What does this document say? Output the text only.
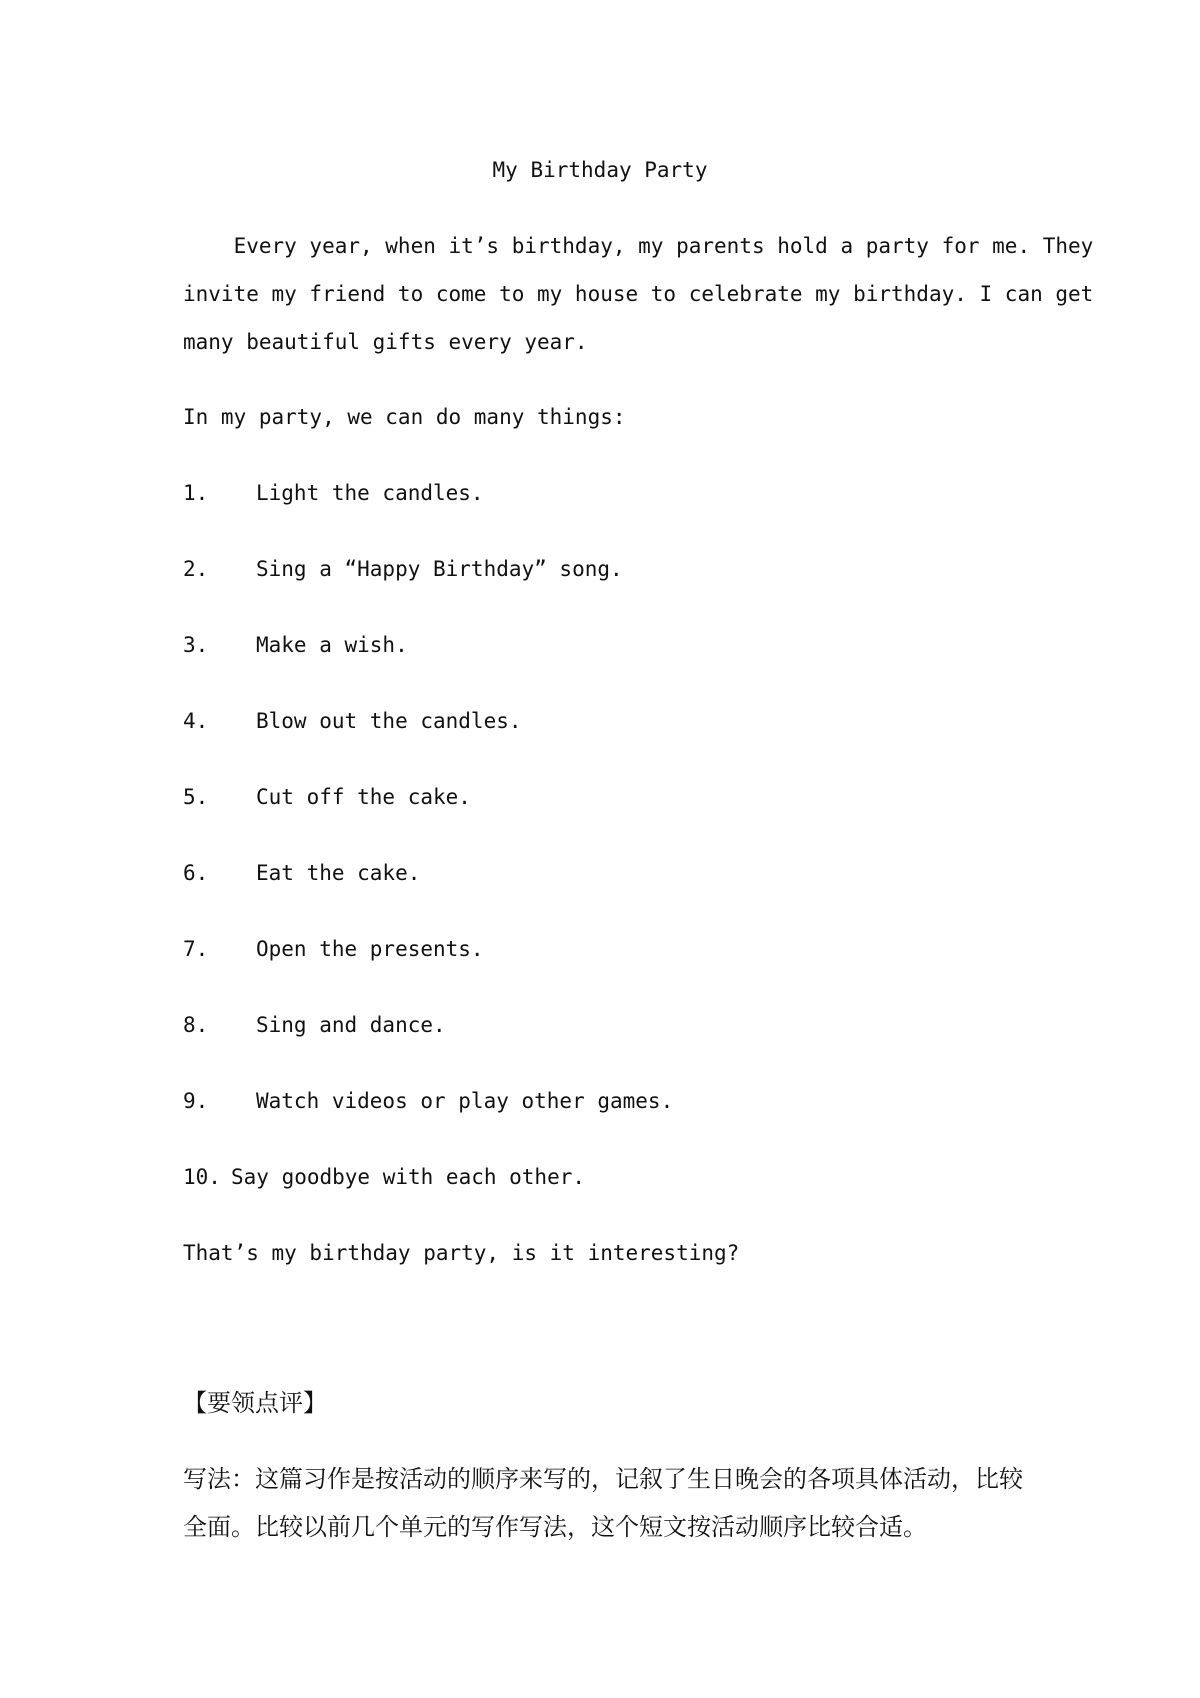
My Birthday Party

Every year, when it’s birthday, my parents hold a party for me. They

invite my friend to come to my house to celebrate my birthday. I can get

many beautiful gifts every year.

In my party, we can do many things:

1.

Light the candles.

2.

Sing a “Happy Birthday” song.

3.

Make a wish.

4.

Blow out the candles.

5.

Cut off the cake.

6.

Eat the cake.

7.

Open the presents.

8.

Sing and dance.

9.

Watch videos or play other games.

10.

Say goodbye with each other.

That’s my birthday party, is it interesting?

【要领点评】

写法：这篇习作是按活动的顺序来写的，记叙了生日晚会的各项具体活动，比较

全面。比较以前几个单元的写作写法，这个短文按活动顺序比较合适。
